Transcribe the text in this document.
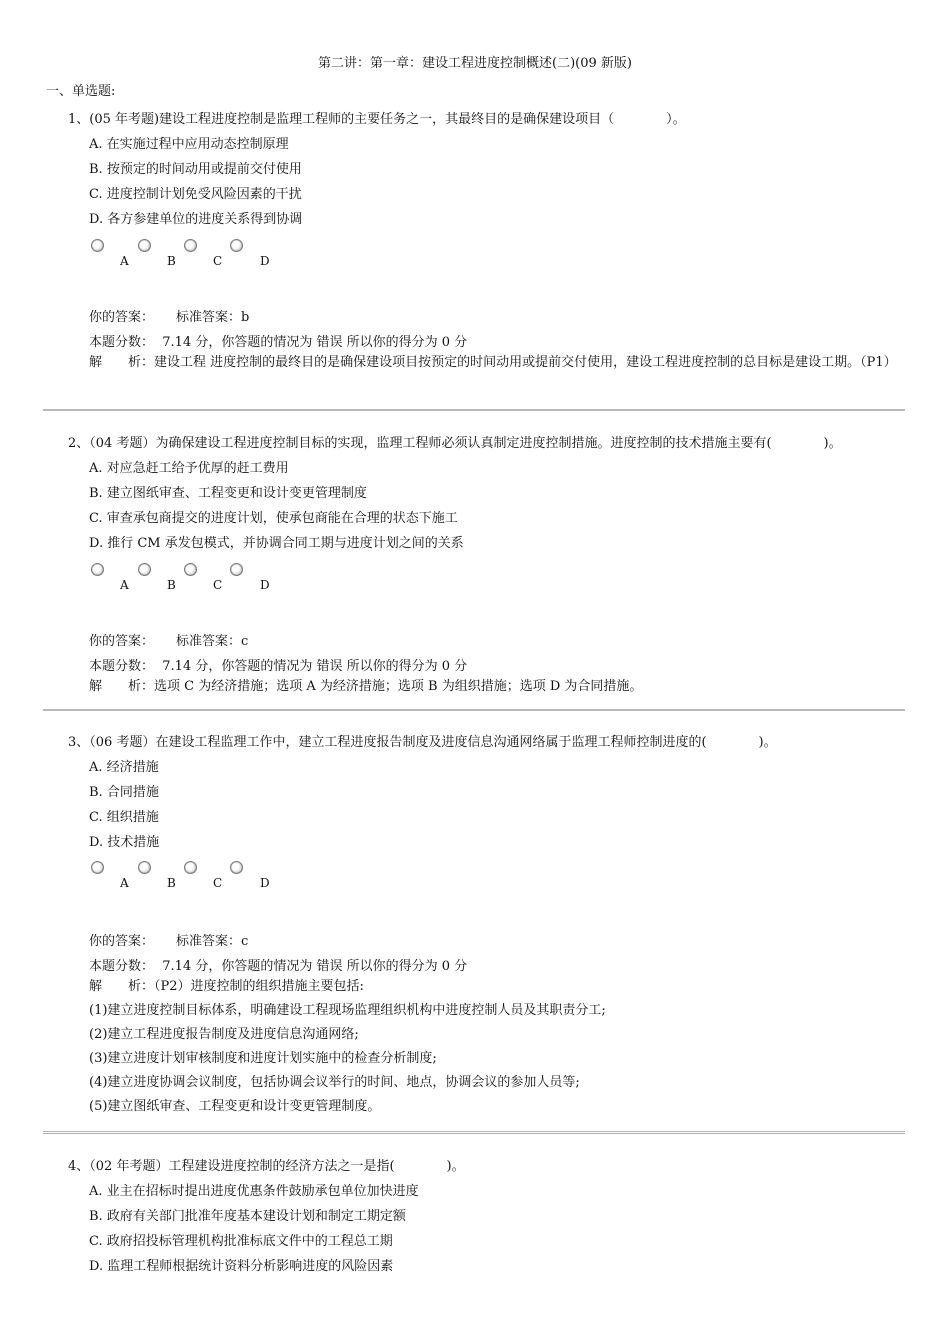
第二讲：第一章：建设工程进度控制概述(二)(09 新版)
一、单选题:
1、(05 年考题)建设工程进度控制是监理工程师的主要任务之一，其最终目的是确保建设项目（　　　　）。
A. 在实施过程中应用动态控制原理
B. 按预定的时间动用或提前交付使用
C. 进度控制计划免受风险因素的干扰
D. 各方参建单位的进度关系得到协调
A	B	C	D
你的答案： 标准答案：b
本题分数： 7.14 分，你答题的情况为 错误 所以你的得分为 0 分
解　　析：建设工程 进度控制的最终目的是确保建设项目按预定的时间动用或提前交付使用，建设工程进度控制的总目标是建设工期。（P1）
2、（04 考题）为确保建设工程进度控制目标的实现，监理工程师必须认真制定进度控制措施。进度控制的技术措施主要有(　　　　)。
A. 对应急赶工给予优厚的赶工费用
B. 建立图纸审查、工程变更和设计变更管理制度
C. 审查承包商提交的进度计划，使承包商能在合理的状态下施工
D. 推行 CM 承发包模式，并协调合同工期与进度计划之间的关系
A	B	C	D
你的答案： 标准答案：c
本题分数： 7.14 分，你答题的情况为 错误 所以你的得分为 0 分
解　　析：选项 C 为经济措施；选项 A 为经济措施；选项 B 为组织措施；选项 D 为合同措施。
3、（06 考题）在建设工程监理工作中，建立工程进度报告制度及进度信息沟通网络属于监理工程师控制进度的(　　　　)。
A. 经济措施
B. 合同措施
C. 组织措施
D. 技术措施
A	B	C	D
你的答案： 标准答案：c
本题分数： 7.14 分，你答题的情况为 错误 所以你的得分为 0 分
解　　析：（P2）进度控制的组织措施主要包括:
(1)建立进度控制目标体系，明确建设工程现场监理组织机构中进度控制人员及其职责分工;
(2)建立工程进度报告制度及进度信息沟通网络;
(3)建立进度计划审核制度和进度计划实施中的检查分析制度;
(4)建立进度协调会议制度，包括协调会议举行的时间、地点，协调会议的参加人员等;
(5)建立图纸审查、工程变更和设计变更管理制度。
4、（02 年考题）工程建设进度控制的经济方法之一是指(　　　　)。
A. 业主在招标时提出进度优惠条件鼓励承包单位加快进度
B. 政府有关部门批准年度基本建设计划和制定工期定额
C. 政府招投标管理机构批准标底文件中的工程总工期
D. 监理工程师根据统计资料分析影响进度的风险因素
